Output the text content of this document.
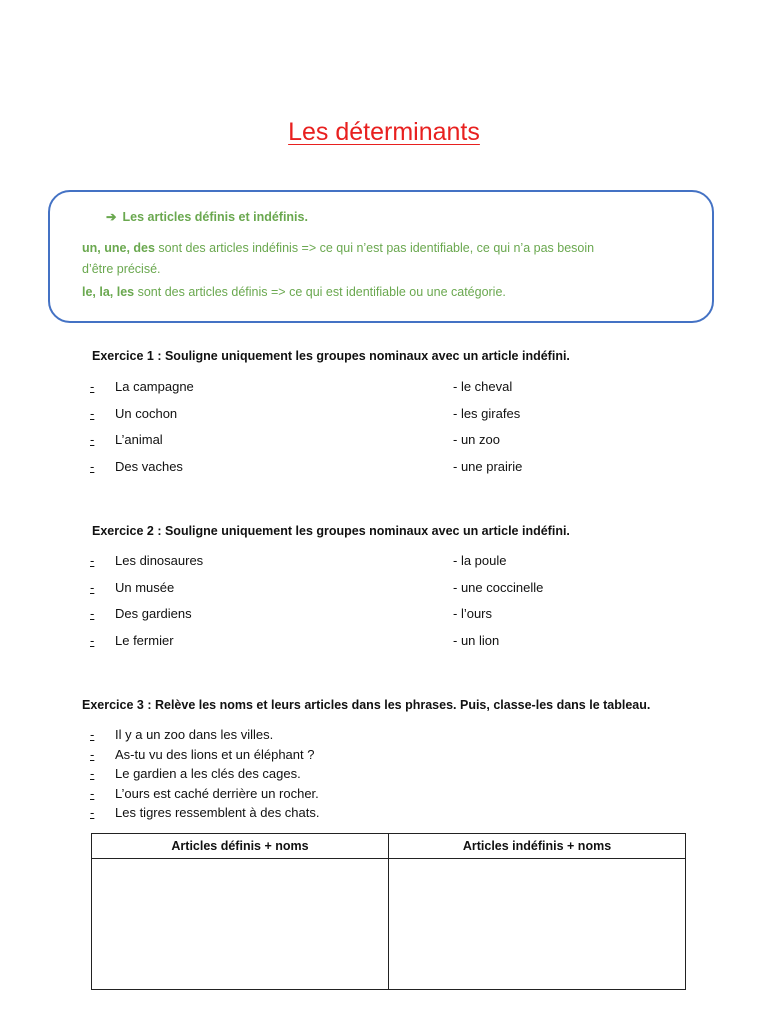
Les déterminants
➔ Les articles définis et indéfinis.
un, une, des sont des articles indéfinis => ce qui n’est pas identifiable, ce qui n’a pas besoin
d’être précisé.
le, la, les sont des articles définis => ce qui est identifiable ou une catégorie.
Exercice 1 : Souligne uniquement les groupes nominaux avec un article indéfini.
- La campagne	- le cheval
- Un cochon	- les girafes
- L’animal	- un zoo
- Des vaches	- une prairie
Exercice 2 : Souligne uniquement les groupes nominaux avec un article indéfini.
- Les dinosaures	- la poule
- Un musée	- une coccinelle
- Des gardiens	- l’ours
- Le fermier	- un lion
Exercice 3 : Relève les noms et leurs articles dans les phrases. Puis, classe-les dans le tableau.
- Il y a un zoo dans les villes.
- As-tu vu des lions et un éléphant ?
- Le gardien a les clés des cages.
- L’ours est caché derrière un rocher.
- Les tigres ressemblent à des chats.
Articles définis + noms	Articles indéfinis + noms
